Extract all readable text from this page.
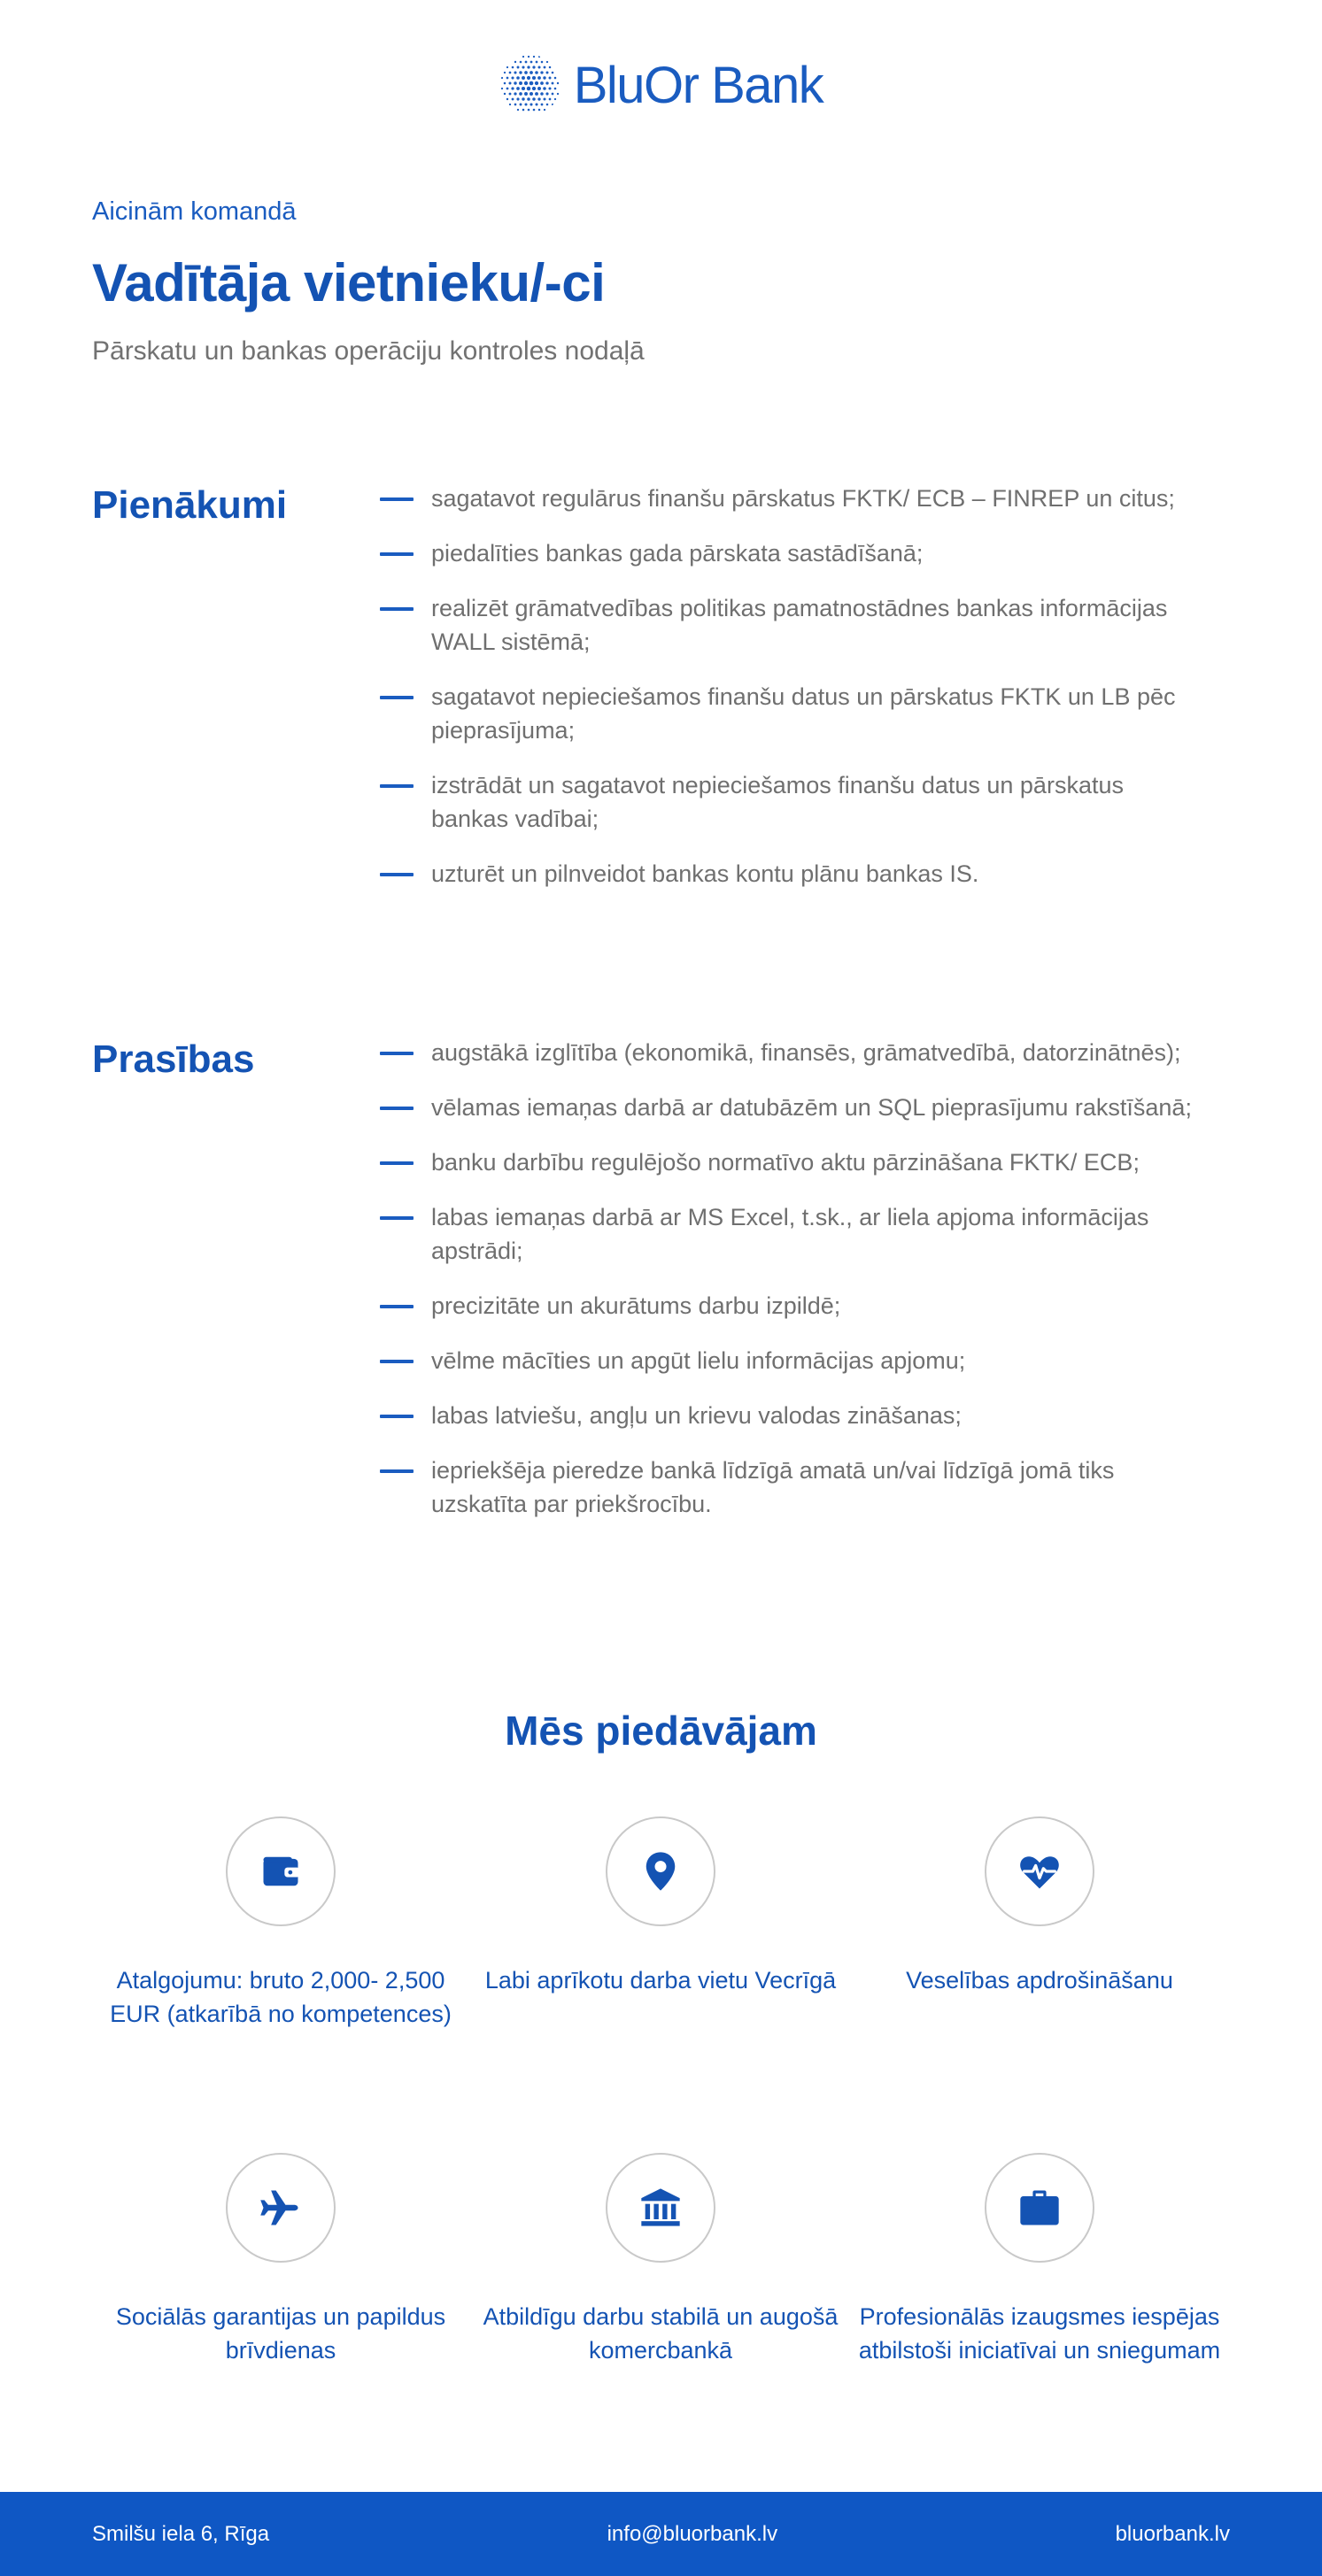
BluOr Bank
Aicinām komandā
Vadītāja vietnieku/-ci
Pārskatu un bankas operāciju kontroles nodaļā
Pienākumi	sagatavot regulārus finanšu pārskatus FKTK/ ECB – FINREP un citus;
piedalīties bankas gada pārskata sastādīšanā;
realizēt grāmatvedības politikas pamatnostādnes bankas informācijas WALL sistēmā;
sagatavot nepieciešamos finanšu datus un pārskatus FKTK un LB pēc pieprasījuma;
izstrādāt un sagatavot nepieciešamos finanšu datus un pārskatus bankas vadībai;
uzturēt un pilnveidot bankas kontu plānu bankas IS.
Prasības	augstākā izglītība (ekonomikā, finansēs, grāmatvedībā, datorzinātnēs);
vēlamas iemaņas darbā ar datubāzēm un SQL pieprasījumu rakstīšanā;
banku darbību regulējošo normatīvo aktu pārzināšana FKTK/ ECB;
labas iemaņas darbā ar MS Excel, t.sk., ar liela apjoma informācijas apstrādi;
precizitāte un akurātums darbu izpildē;
vēlme mācīties un apgūt lielu informācijas apjomu;
labas latviešu, angļu un krievu valodas zināšanas;
iepriekšēja pieredze bankā līdzīgā amatā un/vai līdzīgā jomā tiks uzskatīta par priekšrocību.
Mēs piedāvājam
Atalgojumu: bruto 2,000- 2,500 EUR (atkarībā no kompetences)
Labi aprīkotu darba vietu Vecrīgā	Veselības apdrošināšanu
Sociālās garantijas un papildus brīvdienas
Atbildīgu darbu stabilā un augošā komercbankā
Profesionālās izaugsmes iespējas atbilstoši iniciatīvai un sniegumam
Smilšu iela 6, Rīga	info@bluorbank.lv	bluorbank.lv
